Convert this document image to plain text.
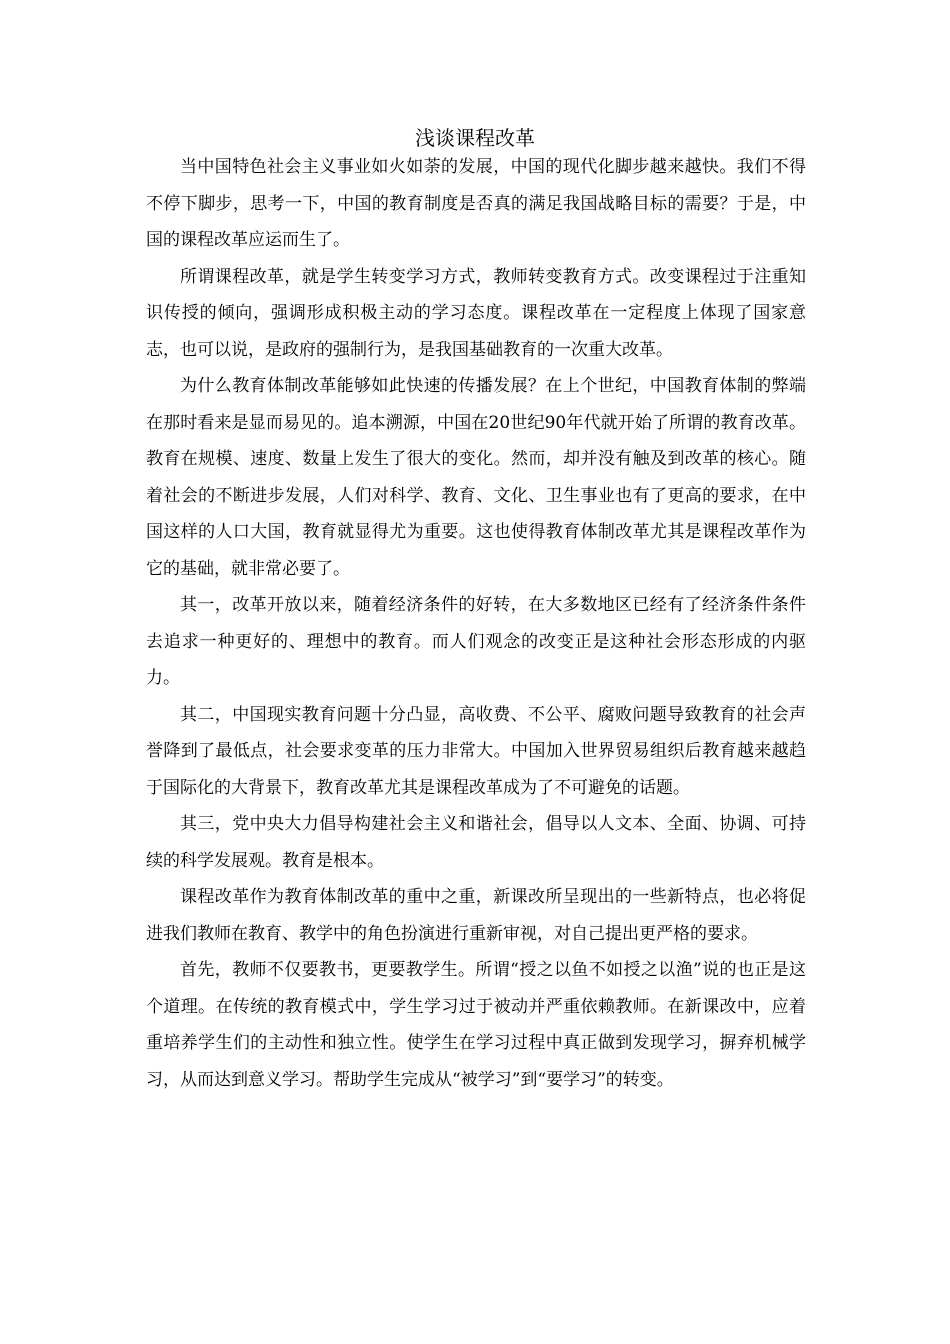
浅谈课程改革

当中国特色社会主义事业如火如荼的发展，中国的现代化脚步越来越快。我们不得不停下脚步，思考一下，中国的教育制度是否真的满足我国战略目标的需要？于是，中国的课程改革应运而生了。

所谓课程改革，就是学生转变学习方式，教师转变教育方式。改变课程过于注重知识传授的倾向，强调形成积极主动的学习态度。课程改革在一定程度上体现了国家意志，也可以说，是政府的强制行为，是我国基础教育的一次重大改革。

为什么教育体制改革能够如此快速的传播发展？在上个世纪，中国教育体制的弊端在那时看来是显而易见的。追本溯源，中国在20世纪90年代就开始了所谓的教育改革。教育在规模、速度、数量上发生了很大的变化。然而，却并没有触及到改革的核心。随着社会的不断进步发展，人们对科学、教育、文化、卫生事业也有了更高的要求，在中国这样的人口大国，教育就显得尤为重要。这也使得教育体制改革尤其是课程改革作为它的基础，就非常必要了。

其一，改革开放以来，随着经济条件的好转，在大多数地区已经有了经济条件条件去追求一种更好的、理想中的教育。而人们观念的改变正是这种社会形态形成的内驱力。

其二，中国现实教育问题十分凸显，高收费、不公平、腐败问题导致教育的社会声誉降到了最低点，社会要求变革的压力非常大。中国加入世界贸易组织后教育越来越趋于国际化的大背景下，教育改革尤其是课程改革成为了不可避免的话题。

其三，党中央大力倡导构建社会主义和谐社会，倡导以人文本、全面、协调、可持续的科学发展观。教育是根本。

课程改革作为教育体制改革的重中之重，新课改所呈现出的一些新特点，也必将促进我们教师在教育、教学中的角色扮演进行重新审视，对自己提出更严格的要求。

首先，教师不仅要教书，更要教学生。所谓“授之以鱼不如授之以渔”说的也正是这个道理。在传统的教育模式中，学生学习过于被动并严重依赖教师。在新课改中，应着重培养学生们的主动性和独立性。使学生在学习过程中真正做到发现学习，摒弃机械学习，从而达到意义学习。帮助学生完成从“被学习”到“要学习”的转变。
